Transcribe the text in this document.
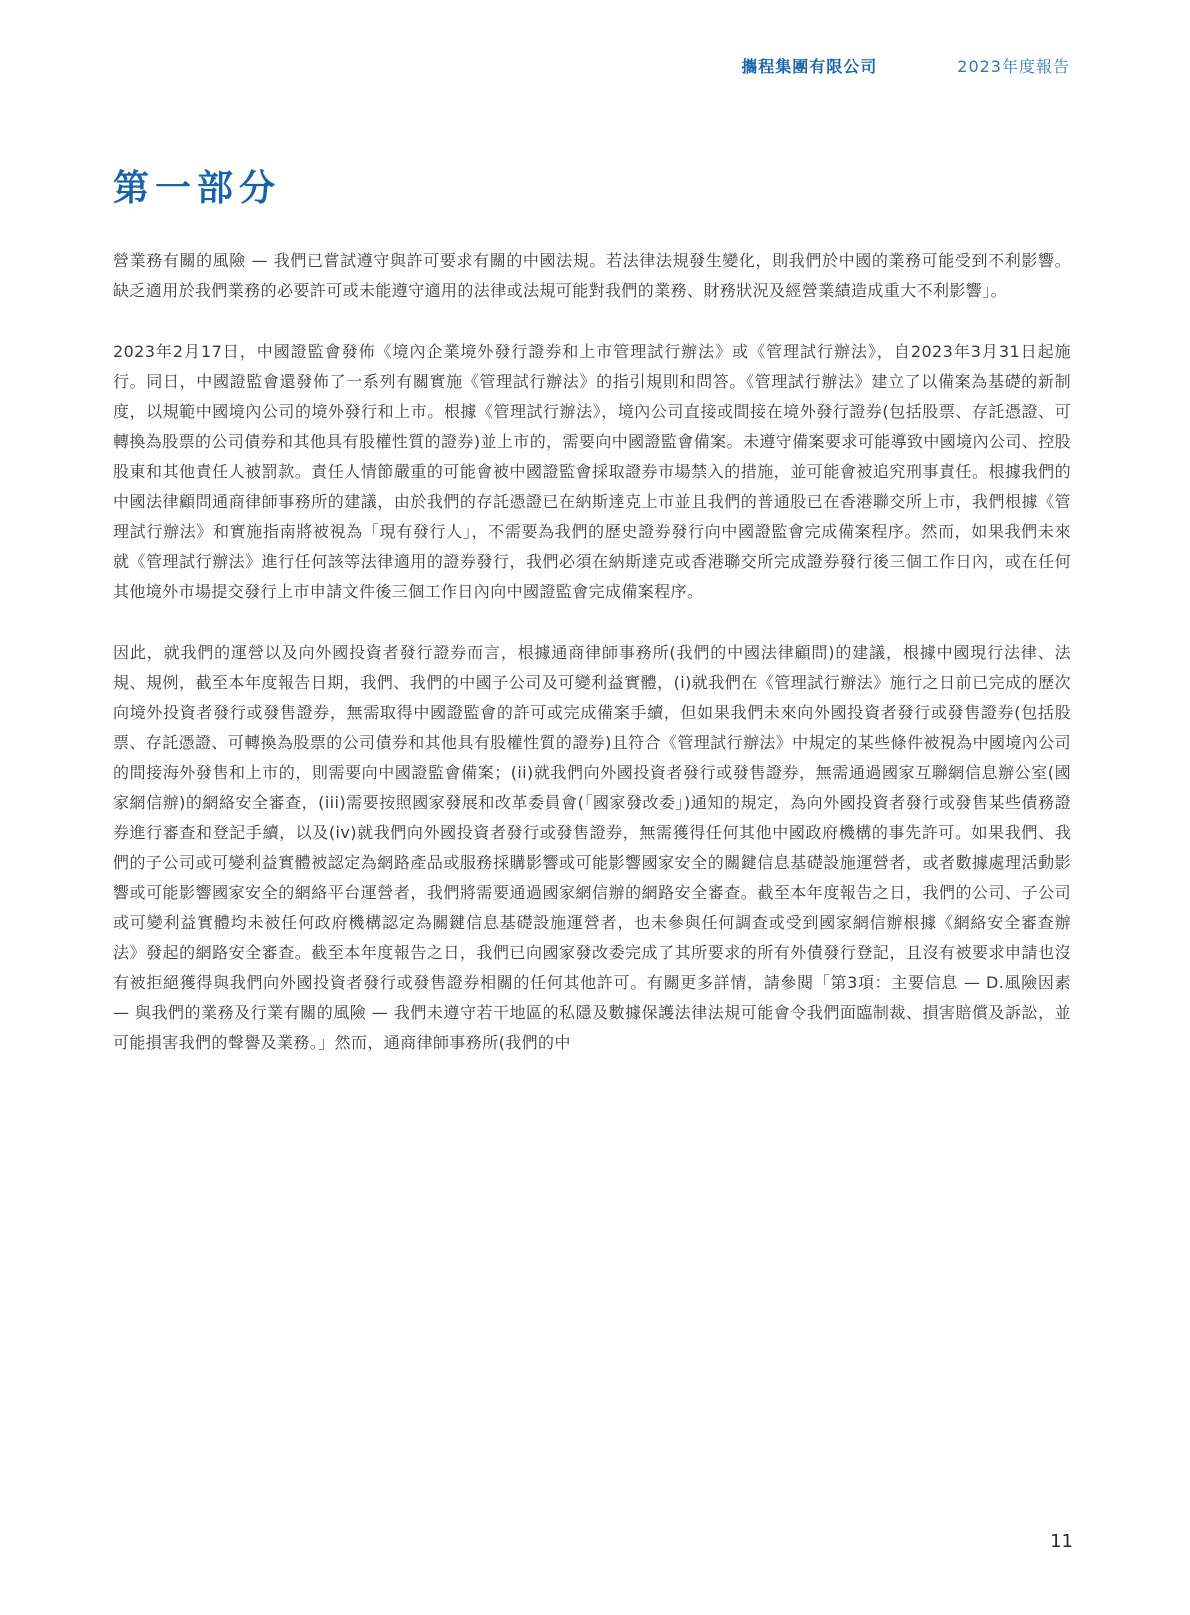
攜程集團有限公司	2023年度報告
第一部分

營業務有關的風險 — 我們已嘗試遵守與許可要求有關的中國法規。若法律法規發生變化，則我們於中國的業務可能受到不利影響。缺乏適用於我們業務的必要許可或未能遵守適用的法律或法規可能對我們的業務、財務狀況及經營業績造成重大不利影響」。

2023年2月17日，中國證監會發佈《境內企業境外發行證券和上市管理試行辦法》或《管理試行辦法》，自2023年3月31日起施行。同日，中國證監會還發佈了一系列有關實施《管理試行辦法》的指引規則和問答。《管理試行辦法》建立了以備案為基礎的新制度，以規範中國境內公司的境外發行和上市。根據《管理試行辦法》，境內公司直接或間接在境外發行證券(包括股票、存託憑證、可轉換為股票的公司債券和其他具有股權性質的證券)並上市的，需要向中國證監會備案。未遵守備案要求可能導致中國境內公司、控股股東和其他責任人被罰款。責任人情節嚴重的可能會被中國證監會採取證券市場禁入的措施，並可能會被追究刑事責任。根據我們的中國法律顧問通商律師事務所的建議，由於我們的存託憑證已在納斯達克上市並且我們的普通股已在香港聯交所上市，我們根據《管理試行辦法》和實施指南將被視為「現有發行人」，不需要為我們的歷史證券發行向中國證監會完成備案程序。然而，如果我們未來就《管理試行辦法》進行任何該等法律適用的證券發行，我們必須在納斯達克或香港聯交所完成證券發行後三個工作日內，或在任何其他境外市場提交發行上市申請文件後三個工作日內向中國證監會完成備案程序。

因此，就我們的運營以及向外國投資者發行證券而言，根據通商律師事務所(我們的中國法律顧問)的建議，根據中國現行法律、法規、規例，截至本年度報告日期，我們、我們的中國子公司及可變利益實體，(i)就我們在《管理試行辦法》施行之日前已完成的歷次向境外投資者發行或發售證券，無需取得中國證監會的許可或完成備案手續，但如果我們未來向外國投資者發行或發售證券(包括股票、存託憑證、可轉換為股票的公司債券和其他具有股權性質的證券)且符合《管理試行辦法》中規定的某些條件被視為中國境內公司的間接海外發售和上市的，則需要向中國證監會備案；(ii)就我們向外國投資者發行或發售證券，無需通過國家互聯網信息辦公室(國家網信辦)的網絡安全審查，(iii)需要按照國家發展和改革委員會(「國家發改委」)通知的規定，為向外國投資者發行或發售某些債務證券進行審查和登記手續，以及(iv)就我們向外國投資者發行或發售證券，無需獲得任何其他中國政府機構的事先許可。如果我們、我們的子公司或可變利益實體被認定為網路產品或服務採購影響或可能影響國家安全的關鍵信息基礎設施運營者，或者數據處理活動影響或可能影響國家安全的網絡平台運營者，我們將需要通過國家網信辦的網路安全審查。截至本年度報告之日，我們的公司、子公司或可變利益實體均未被任何政府機構認定為關鍵信息基礎設施運營者，也未參與任何調查或受到國家網信辦根據《網絡安全審查辦法》發起的網路安全審查。截至本年度報告之日，我們已向國家發改委完成了其所要求的所有外債發行登記，且沒有被要求申請也沒有被拒絕獲得與我們向外國投資者發行或發售證券相關的任何其他許可。有關更多詳情，請參閱「第3項：主要信息 — D.風險因素 — 與我們的業務及行業有關的風險 — 我們未遵守若干地區的私隱及數據保護法律法規可能會令我們面臨制裁、損害賠償及訴訟，並可能損害我們的聲譽及業務。」然而，通商律師事務所(我們的中

11
